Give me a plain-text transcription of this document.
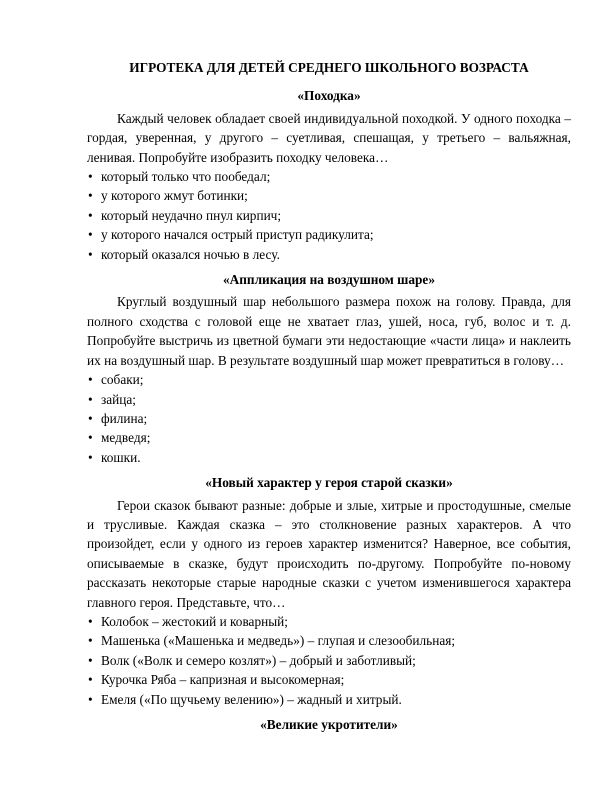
ИГРОТЕКА ДЛЯ ДЕТЕЙ СРЕДНЕГО ШКОЛЬНОГО ВОЗРАСТА
«Походка»

Каждый человек обладает своей индивидуальной походкой. У одного походка – гордая, уверенная, у другого – суетливая, спешащая, у третьего – вальяжная, ленивая. Попробуйте изобразить походку человека…

• который только что пообедал;
• у которого жмут ботинки;
• который неудачно пнул кирпич;
• у которого начался острый приступ радикулита;
• который оказался ночью в лесу.
«Аппликация на воздушном шаре»

Круглый воздушный шар небольшого размера похож на голову. Правда, для полного сходства с головой еще не хватает глаз, ушей, носа, губ, волос и т. д. Попробуйте выстричь из цветной бумаги эти недостающие «части лица» и наклеить их на воздушный шар. В результате воздушный шар может превратиться в голову…

• собаки;
• зайца;
• филина;
• медведя;
• кошки.
«Новый характер у героя старой сказки»

Герои сказок бывают разные: добрые и злые, хитрые и простодушные, смелые и трусливые. Каждая сказка – это столкновение разных характеров. А что произойдет, если у одного из героев характер изменится? Наверное, все события, описываемые в сказке, будут происходить по-другому. Попробуйте по-новому рассказать некоторые старые народные сказки с учетом изменившегося характера главного героя. Представьте, что…

• Колобок – жестокий и коварный;
• Машенька («Машенька и медведь») – глупая и слезообильная;
• Волк («Волк и семеро козлят») – добрый и заботливый;
• Курочка Ряба – капризная и высокомерная;
• Емеля («По щучьему велению») – жадный и хитрый.
«Великие укротители»
